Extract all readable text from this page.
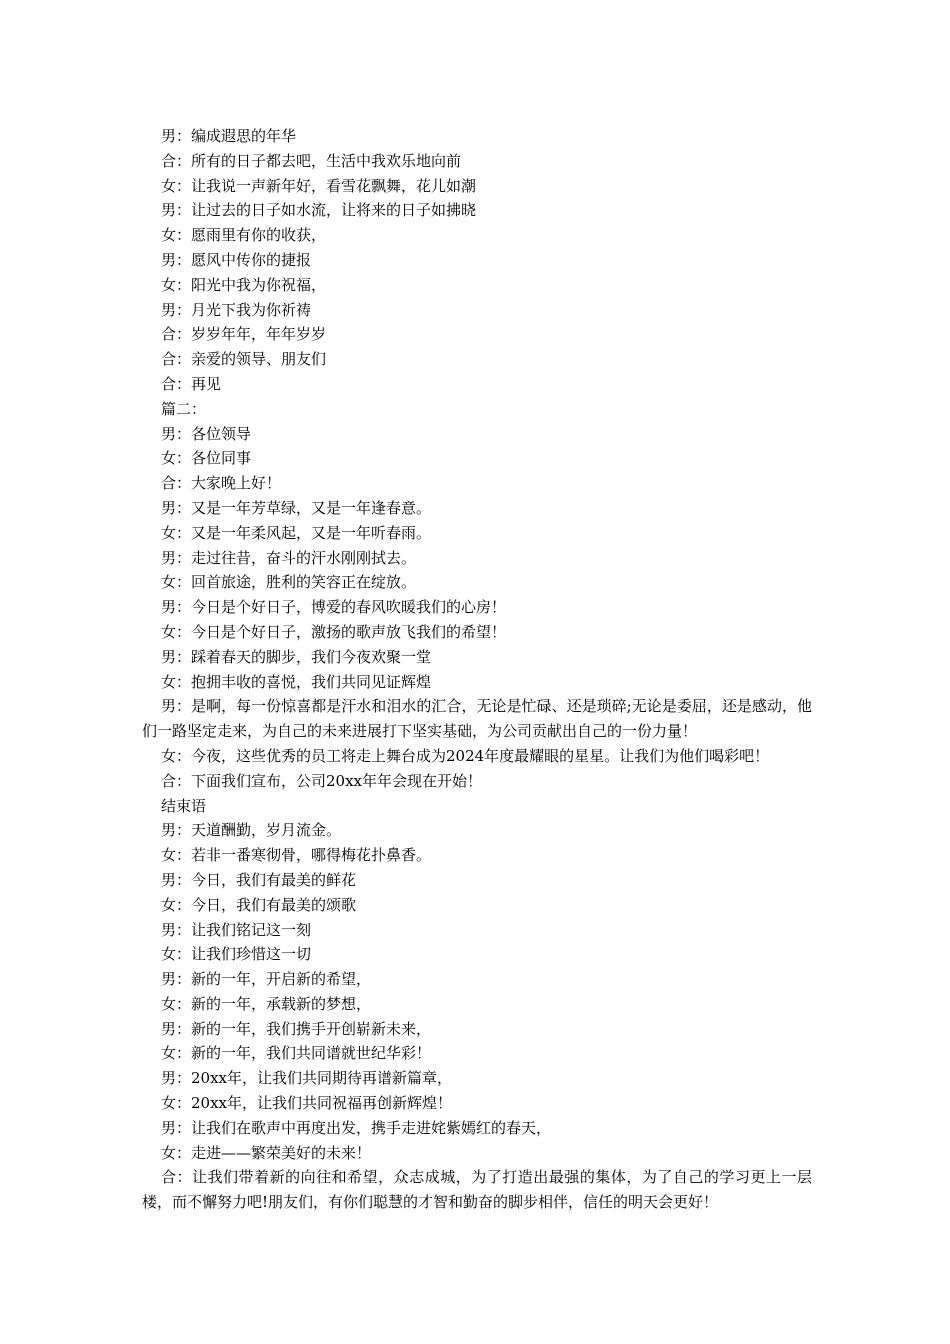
男：编成遐思的年华

合：所有的日子都去吧，生活中我欢乐地向前

女：让我说一声新年好，看雪花飘舞，花儿如潮

男：让过去的日子如水流，让将来的日子如拂晓

女：愿雨里有你的收获，

男：愿风中传你的捷报

女：阳光中我为你祝福，

男：月光下我为你祈祷

合：岁岁年年，年年岁岁

合：亲爱的领导、朋友们

合：再见

篇二：

男：各位领导

女：各位同事

合：大家晚上好！

男：又是一年芳草绿，又是一年逢春意。

女：又是一年柔风起，又是一年听春雨。

男：走过往昔，奋斗的汗水刚刚拭去。

女：回首旅途，胜利的笑容正在绽放。

男：今日是个好日子，博爱的春风吹暖我们的心房！

女：今日是个好日子，激扬的歌声放飞我们的希望！

男：踩着春天的脚步，我们今夜欢聚一堂

女：抱拥丰收的喜悦，我们共同见证辉煌

男：是啊，每一份惊喜都是汗水和泪水的汇合，无论是忙碌、还是琐碎;无论是委屈，还是感动，他们一路坚定走来，为自己的未来进展打下坚实基础，为公司贡献出自己的一份力量！

女：今夜，这些优秀的员工将走上舞台成为2024年度最耀眼的星星。让我们为他们喝彩吧！

合：下面我们宣布，公司20xx年年会现在开始！

结束语

男：天道酬勤，岁月流金。

女：若非一番寒彻骨，哪得梅花扑鼻香。

男：今日，我们有最美的鲜花

女：今日，我们有最美的颂歌

男：让我们铭记这一刻

女：让我们珍惜这一切

男：新的一年，开启新的希望，

女：新的一年，承载新的梦想，

男：新的一年，我们携手开创崭新未来，

女：新的一年，我们共同谱就世纪华彩！

男：20xx年，让我们共同期待再谱新篇章，

女：20xx年，让我们共同祝福再创新辉煌！

男：让我们在歌声中再度出发，携手走进姹紫嫣红的春天，

女：走进——繁荣美好的未来！

合：让我们带着新的向往和希望，众志成城，为了打造出最强的集体，为了自己的学习更上一层楼，而不懈努力吧!朋友们，有你们聪慧的才智和勤奋的脚步相伴，信任的明天会更好！
